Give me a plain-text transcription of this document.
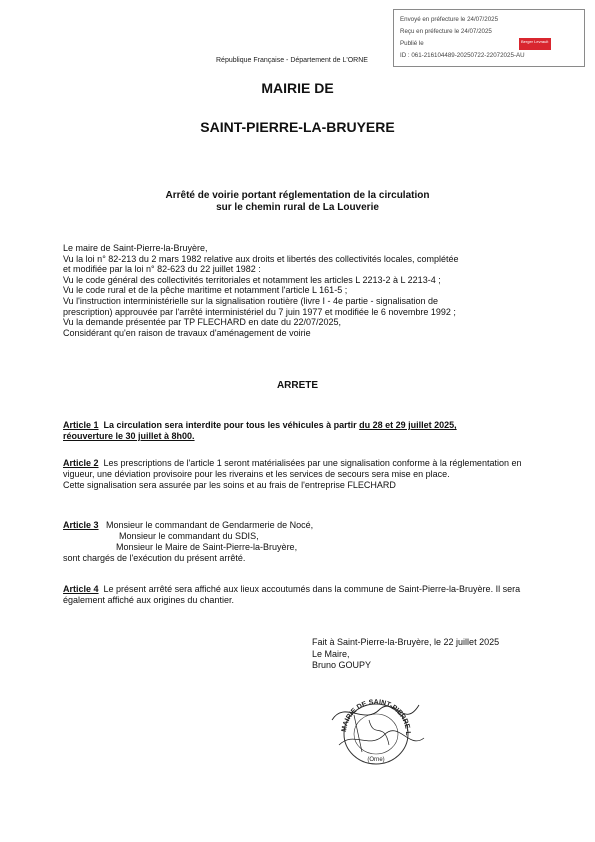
Envoyé en préfecture le 24/07/2025
Reçu en préfecture le 24/07/2025
Publié le
ID : 061-216104489-20250722-22072025-AU
Berger Levrault
République Française - Département de L'ORNE
MAIRIE DE
SAINT-PIERRE-LA-BRUYERE
Arrêté de voirie portant réglementation de la circulation
sur le chemin rural de La Louverie
Le maire de Saint-Pierre-la-Bruyère,
Vu la loi n° 82-213 du 2 mars 1982 relative aux droits et libertés des collectivités locales, complétée
et modifiée par la loi n° 82-623 du 22 juillet 1982 :
Vu le code général des collectivités territoriales et notamment les articles L 2213-2 à L 2213-4 ;
Vu le code rural et de la pêche maritime et notamment l'article L 161-5 ;
Vu l'instruction interministérielle sur la signalisation routière (livre I - 4e partie - signalisation de
prescription) approuvée par l'arrêté interministériel du 7 juin 1977 et modifiée le 6 novembre 1992 ;
Vu la demande présentée par TP FLECHARD en date du 22/07/2025,
Considérant qu'en raison de travaux d'aménagement de voirie
ARRETE
Article 1  La circulation sera interdite pour tous les véhicules à partir du 28 et 29 juillet 2025,
réouverture le 30 juillet à 8h00.
Article 2  Les prescriptions de l'article 1 seront matérialisées par une signalisation conforme à la réglementation en vigueur, une déviation provisoire pour les riverains et les services de secours sera mise en place.
Cette signalisation sera assurée par les soins et au frais de l'entreprise FLECHARD
Article 3   Monsieur le commandant de Gendarmerie de Nocé,
Monsieur le commandant du SDIS,
Monsieur le Maire de Saint-Pierre-la-Bruyère,
sont chargés de l'exécution du présent arrêté.
Article 4  Le présent arrêté sera affiché aux lieux accoutumés dans la commune de Saint-Pierre-la-Bruyère. Il sera également affiché aux origines du chantier.
Fait à Saint-Pierre-la-Bruyère, le 22 juillet 2025
Le Maire,
Bruno GOUPY
MAIRIE DE SAINT-PIERRE-L
(Orne)
